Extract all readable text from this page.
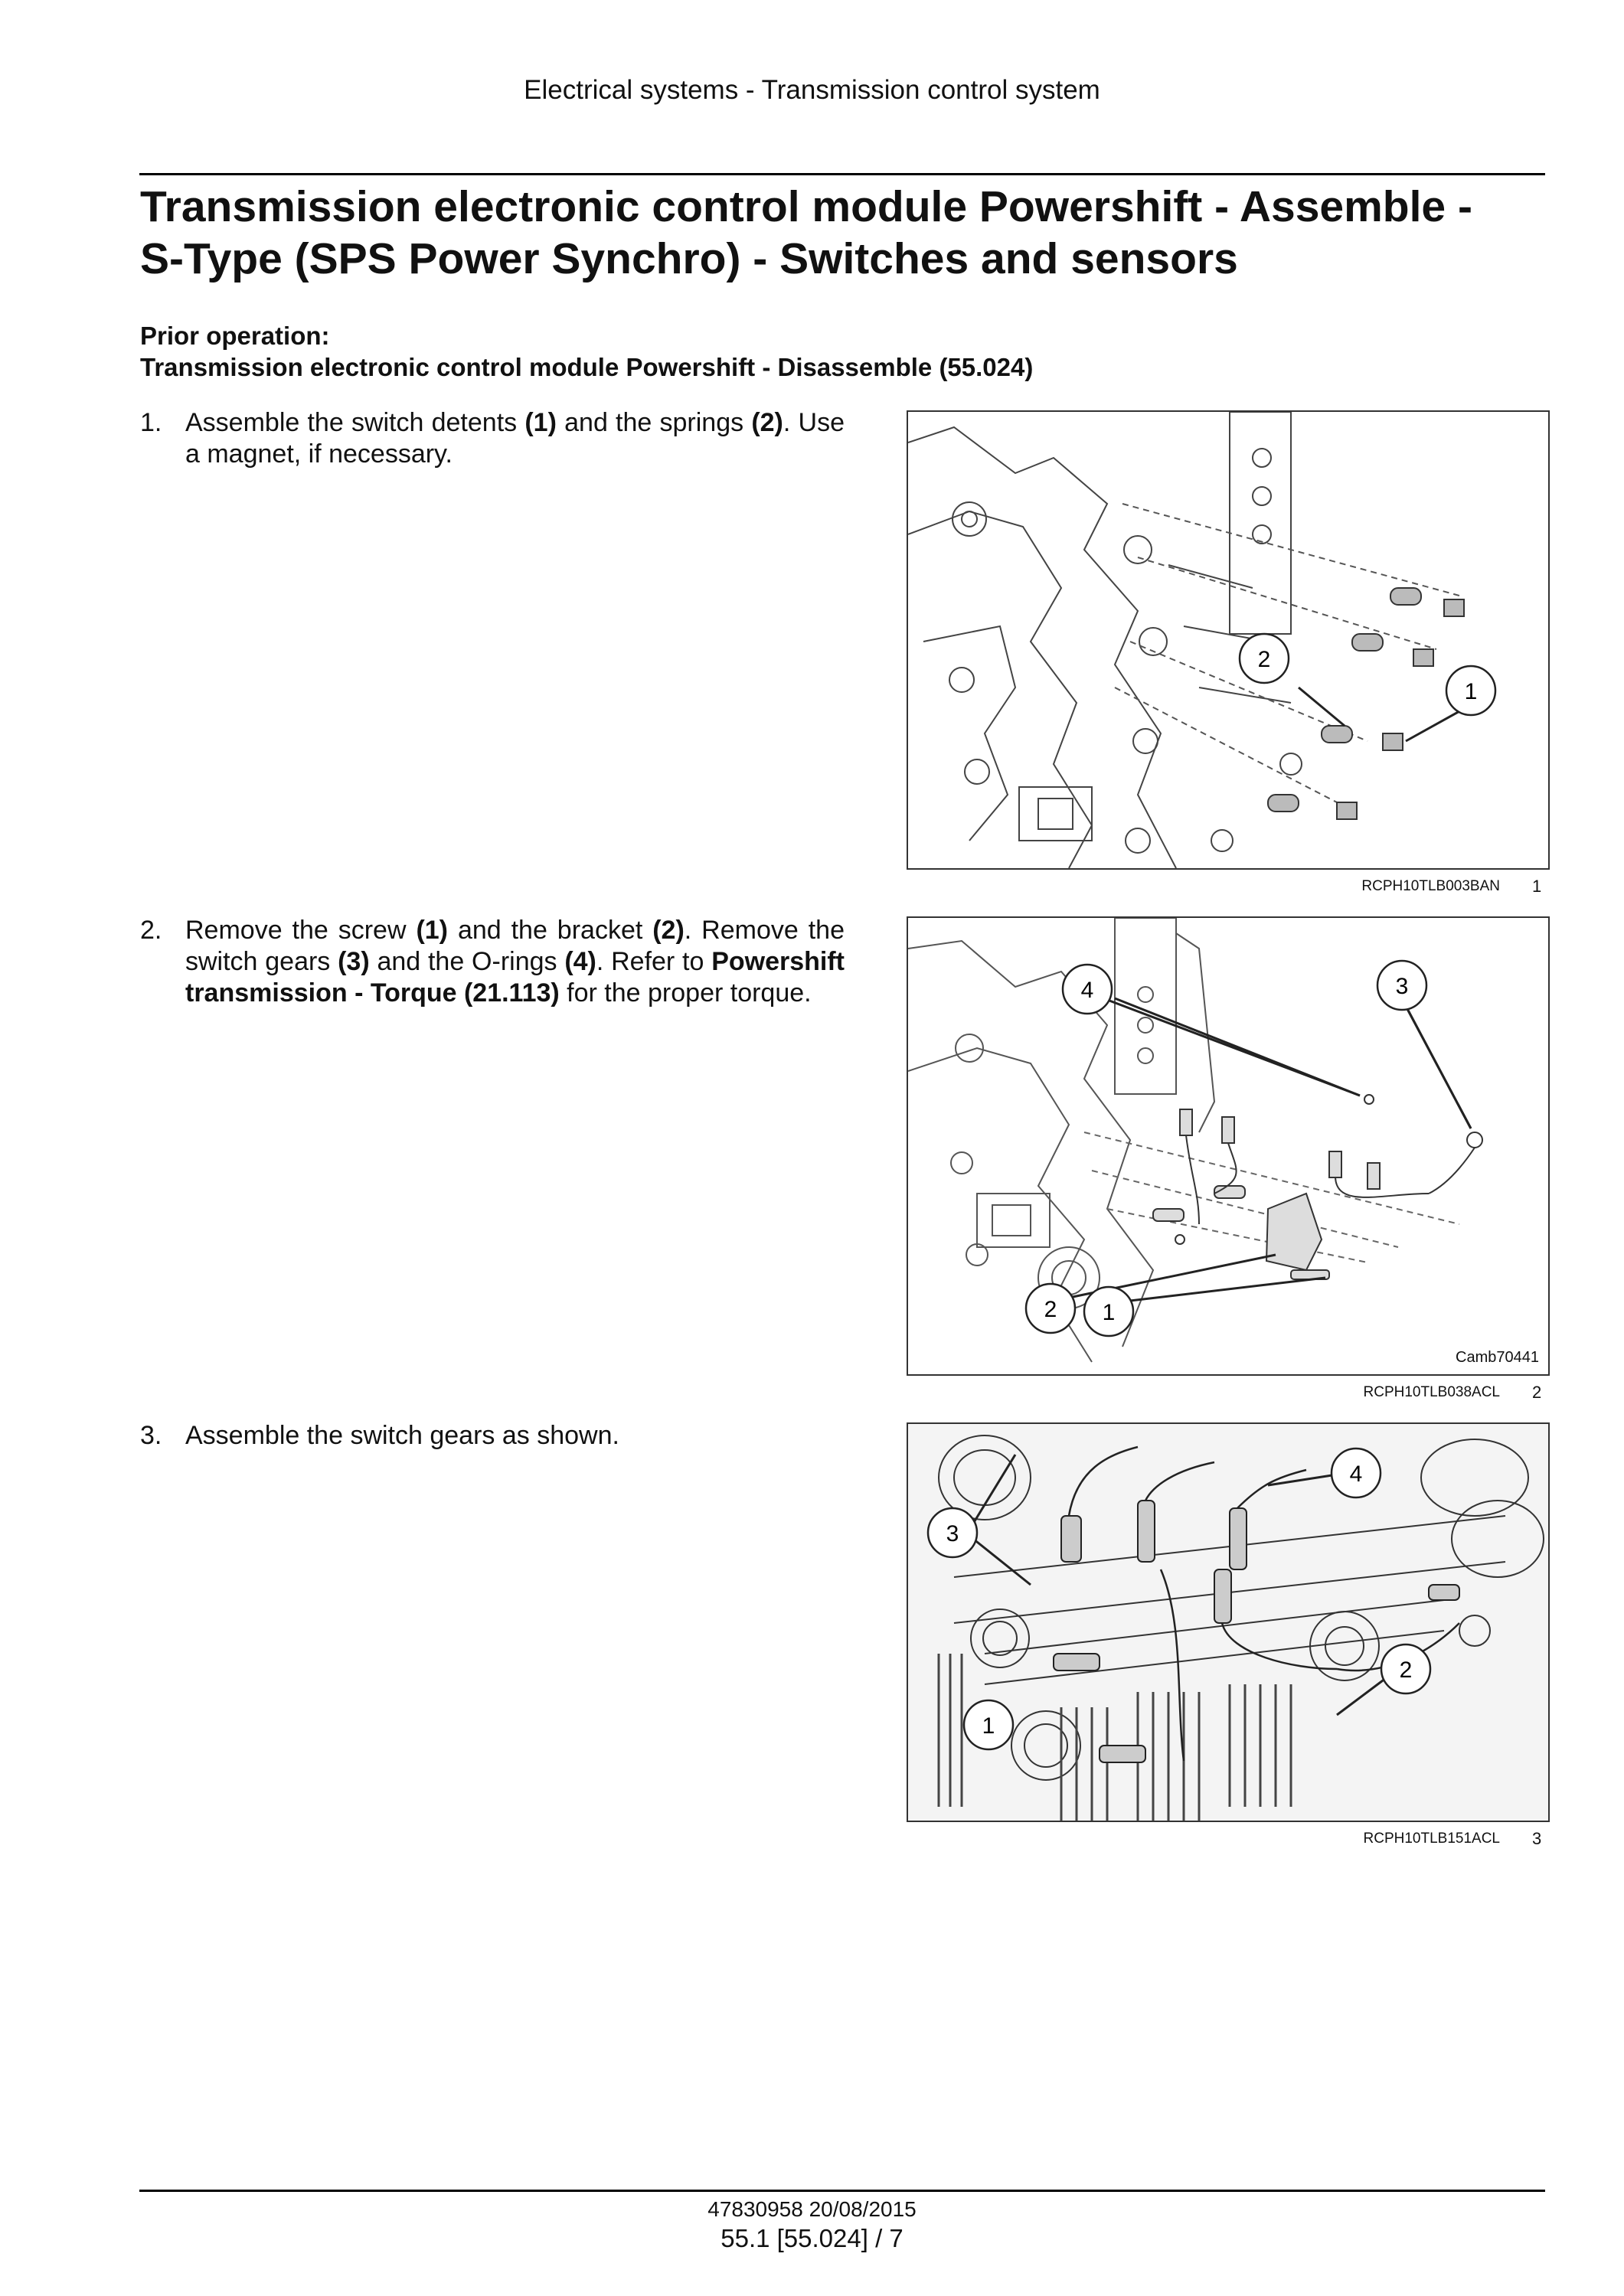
Electrical systems - Transmission control system
Transmission electronic control module Powershift - Assemble -
S-Type (SPS Power Synchro) - Switches and sensors
Prior operation:
Transmission electronic control module Powershift - Disassemble (55.024)
1. Assemble the switch detents (1) and the springs (2). Use a magnet, if necessary.
2. Remove the screw (1) and the bracket (2). Remove the switch gears (3) and the O-rings (4). Refer to Powershift transmission - Torque (21.113) for the proper torque.
3. Assemble the switch gears as shown.
2
1
RCPH10TLB003BAN 1
4	3
2 1
Camb70441
RCPH10TLB038ACL 2
3
4
2
1
RCPH10TLB151ACL 3
47830958 20/08/2015
55.1 [55.024] / 7
